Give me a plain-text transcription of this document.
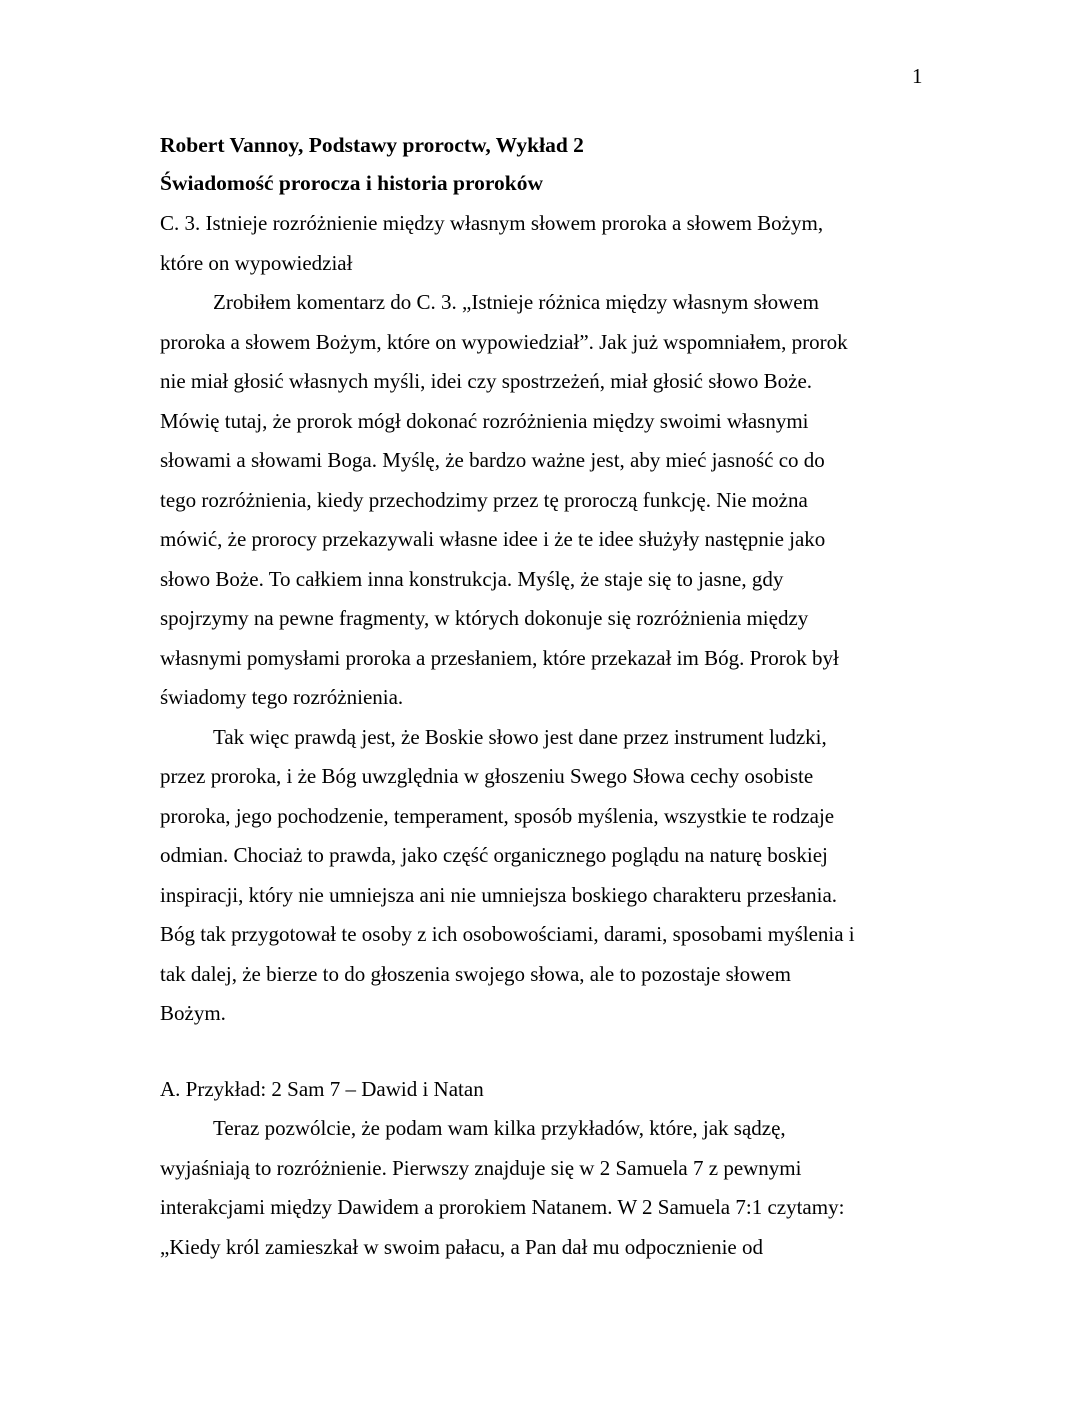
1

Robert Vannoy, Podstawy proroctw, Wykład 2

Świadomość prorocza i historia proroków

C. 3. Istnieje rozróżnienie między własnym słowem proroka a słowem Bożym,
które on wypowiedział
Zrobiłem komentarz do C. 3. „Istnieje różnica między własnym słowem
proroka a słowem Bożym, które on wypowiedział”. Jak już wspomniałem, prorok
nie miał głosić własnych myśli, idei czy spostrzeżeń, miał głosić słowo Boże.
Mówię tutaj, że prorok mógł dokonać rozróżnienia między swoimi własnymi
słowami a słowami Boga. Myślę, że bardzo ważne jest, aby mieć jasność co do
tego rozróżnienia, kiedy przechodzimy przez tę proroczą funkcję. Nie można
mówić, że prorocy przekazywali własne idee i że te idee służyły następnie jako
słowo Boże. To całkiem inna konstrukcja. Myślę, że staje się to jasne, gdy
spojrzymy na pewne fragmenty, w których dokonuje się rozróżnienia między
własnymi pomysłami proroka a przesłaniem, które przekazał im Bóg. Prorok był
świadomy tego rozróżnienia.
Tak więc prawdą jest, że Boskie słowo jest dane przez instrument ludzki,
przez proroka, i że Bóg uwzględnia w głoszeniu Swego Słowa cechy osobiste
proroka, jego pochodzenie, temperament, sposób myślenia, wszystkie te rodzaje
odmian. Chociaż to prawda, jako część organicznego poglądu na naturę boskiej
inspiracji, który nie umniejsza ani nie umniejsza boskiego charakteru przesłania.
Bóg tak przygotował te osoby z ich osobowościami, darami, sposobami myślenia i
tak dalej, że bierze to do głoszenia swojego słowa, ale to pozostaje słowem
Bożym.
A. Przykład: 2 Sam 7 – Dawid i Natan
Teraz pozwólcie, że podam wam kilka przykładów, które, jak sądzę,
wyjaśniają to rozróżnienie. Pierwszy znajduje się w 2 Samuela 7 z pewnymi
interakcjami między Dawidem a prorokiem Natanem. W 2 Samuela 7:1 czytamy:
„Kiedy król zamieszkał w swoim pałacu, a Pan dał mu odpocznienie od
